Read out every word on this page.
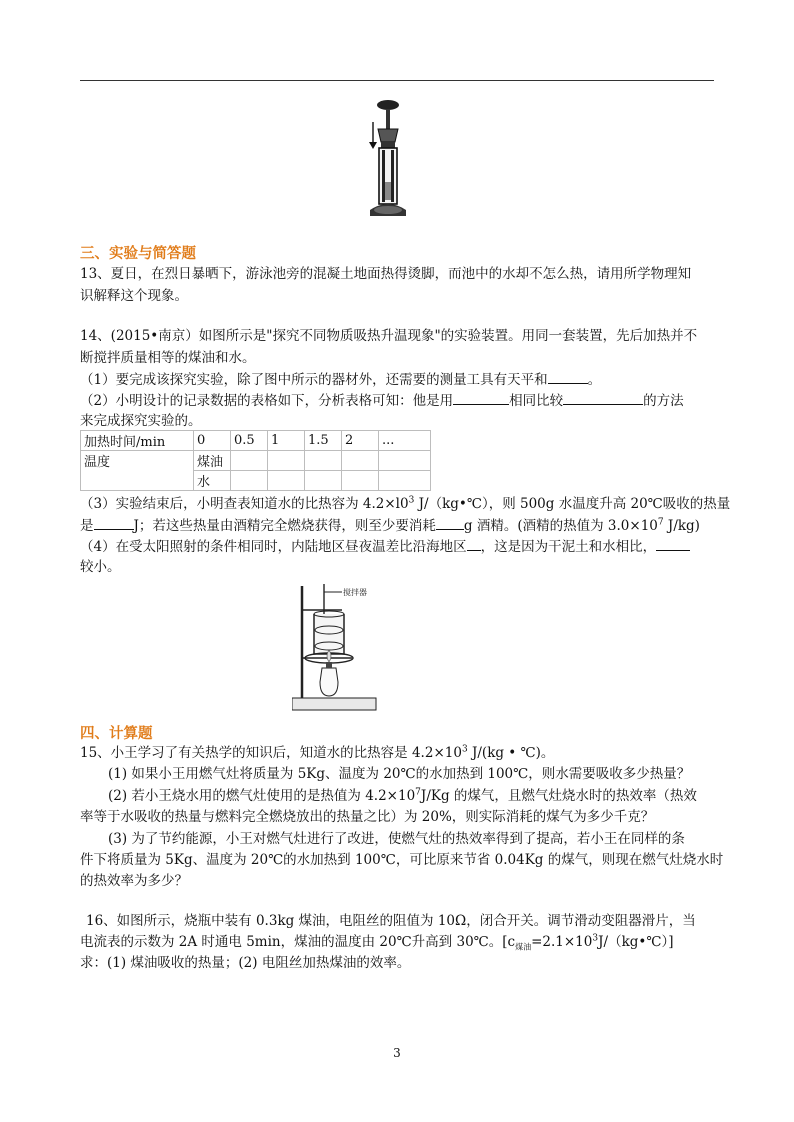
三、实验与简答题
13、夏日，在烈日暴晒下，游泳池旁的混凝土地面热得烫脚，而池中的水却不怎么热，请用所学物理知
识解释这个现象。
14、(2015•南京）如图所示是"探究不同物质吸热升温现象"的实验装置。用同一套装置，先后加热并不
断搅拌质量相等的煤油和水。
（1）要完成该探究实验，除了图中所示的器材外，还需要的测量工具有天平和	。
（2）小明设计的记录数据的表格如下，分析表格可知：他是用	相同比较	的方法
来完成探究实验的。
加热时间/min	0	0.5	1	1.5	2	...
温度	煤油					
	水					
（3）实验结束后，小明查表知道水的比热容为 $4.2\times l0^3$ J/（kg•℃），则 500g 水温度升高 20℃吸收的热量
是	J；若这些热量由酒精完全燃烧获得，则至少要消耗 g 酒精。(酒精的热值为 $3.0\times 10^7$ J/kg)
（4）在受太阳照射的条件相同时，内陆地区昼夜温差比沿海地区 ，这是因为干泥土和水相比，
较小。
搅拌器
四、计算题
15、小王学习了有关热学的知识后，知道水的比热容是 $4.2\times 10^3$ J/(kg • ℃)。
(1) 如果小王用燃气灶将质量为 5Kg、温度为 20℃的水加热到 100℃，则水需要吸收多少热量？
(2) 若小王烧水用的燃气灶使用的是热值为 $4.2\times 10^7J/Kg$ 的煤气，且燃气灶烧水时的热效率（热效
率等于水吸收的热量与燃料完全燃烧放出的热量之比）为 20%，则实际消耗的煤气为多少千克？
(3) 为了节约能源，小王对燃气灶进行了改进，使燃气灶的热效率得到了提高，若小王在同样的条
件下将质量为 5Kg、温度为 20℃的水加热到 100℃，可比原来节省 0.04Kg 的煤气，则现在燃气灶烧水时
的热效率为多少？
16、如图所示，烧瓶中装有 0.3kg 煤油，电阻丝的阻值为 10Ω，闭合开关。调节滑动变阻器滑片，当
电流表的示数为 2A 时通电 5min，煤油的温度由 20℃升高到 30℃。$[c_{煤油}=2.1\times 10^3J/(kg•℃)]$
求：(1) 煤油吸收的热量；(2) 电阻丝加热煤油的效率。
3
